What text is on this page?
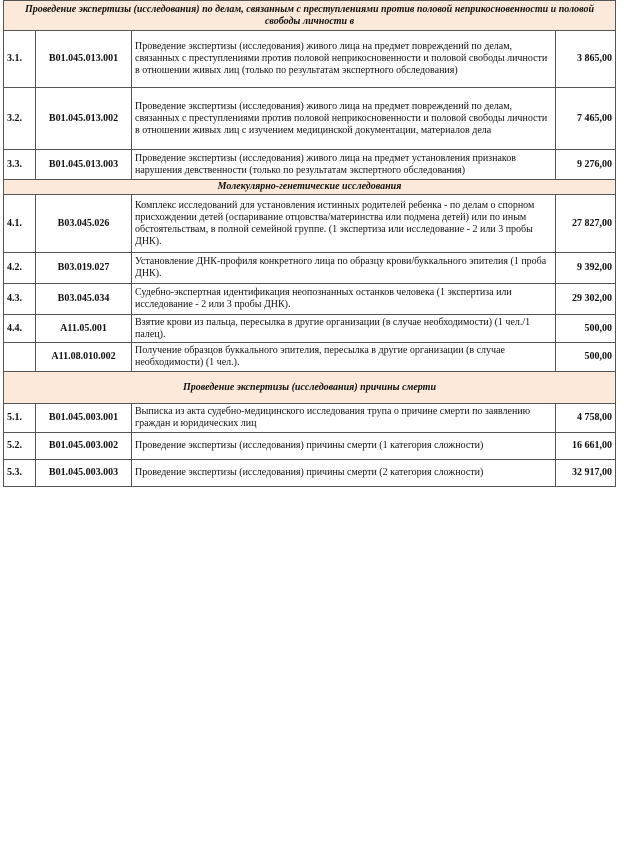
Проведение экспертизы (исследования) по делам, связанным с преступлениями против половой неприкосновенности и половой свободы личности в			
3.1.	B01.045.013.001	Проведение экспертизы (исследования) живого лица на предмет повреждений по делам, связанных с преступлениями против половой неприкосновенности и половой свободы личности в отношении живых лиц (только по результатам экспертного обследования)	3 865,00
3.2.	B01.045.013.002	Проведение экспертизы (исследования) живого лица на предмет повреждений по делам, связанных с преступлениями против половой неприкосновенности и половой свободы личности в отношении живых лиц с изучением медицинской документации, материалов дела	7 465,00
3.3.	B01.045.013.003	Проведение экспертизы (исследования) живого лица на предмет установления признаков нарушения девственности (только по результатам экспертного обследования)	9 276,00
Молекулярно-генетические исследования			
4.1.	B03.045.026	Комплекс исследований для установления истинных родителей ребенка - по делам о спорном присхождении детей (оспаривание отцовства/материнства или подмена детей) или по иным обстоятельствам, в полной семейной группе. (1 экспертиза или исследование - 2 или 3 пробы ДНК).	27 827,00
4.2.	B03.019.027	Установление ДНК-профиля конкретного лица по образцу крови/буккального эпителия (1 проба ДНК).	9 392,00
4.3.	B03.045.034	Судебно-экспертная идентификация неопознанных останков человека (1 экспертиза или исследование - 2 или 3 пробы ДНК).	29 302,00
4.4.	A11.05.001	Взятие крови из пальца, пересылка в другие организации (в случае необходимости) (1 чел./1 палец).	500,00
	A11.08.010.002	Получение образцов буккального эпителия, пересылка в другие организации (в случае необходимости) (1 чел.).	500,00
Проведение экспертизы (исследования) причины смерти			
5.1.	B01.045.003.001	Выписка из акта судебно-медицинского исследования трупа о причине смерти по заявлению граждан и юридических лиц	4 758,00
5.2.	B01.045.003.002	Проведение экспертизы (исследования) причины смерти (1 категория сложности)	16 661,00
5.3.	B01.045.003.003	Проведение экспертизы (исследования) причины смерти (2 категория сложности)	32 917,00
